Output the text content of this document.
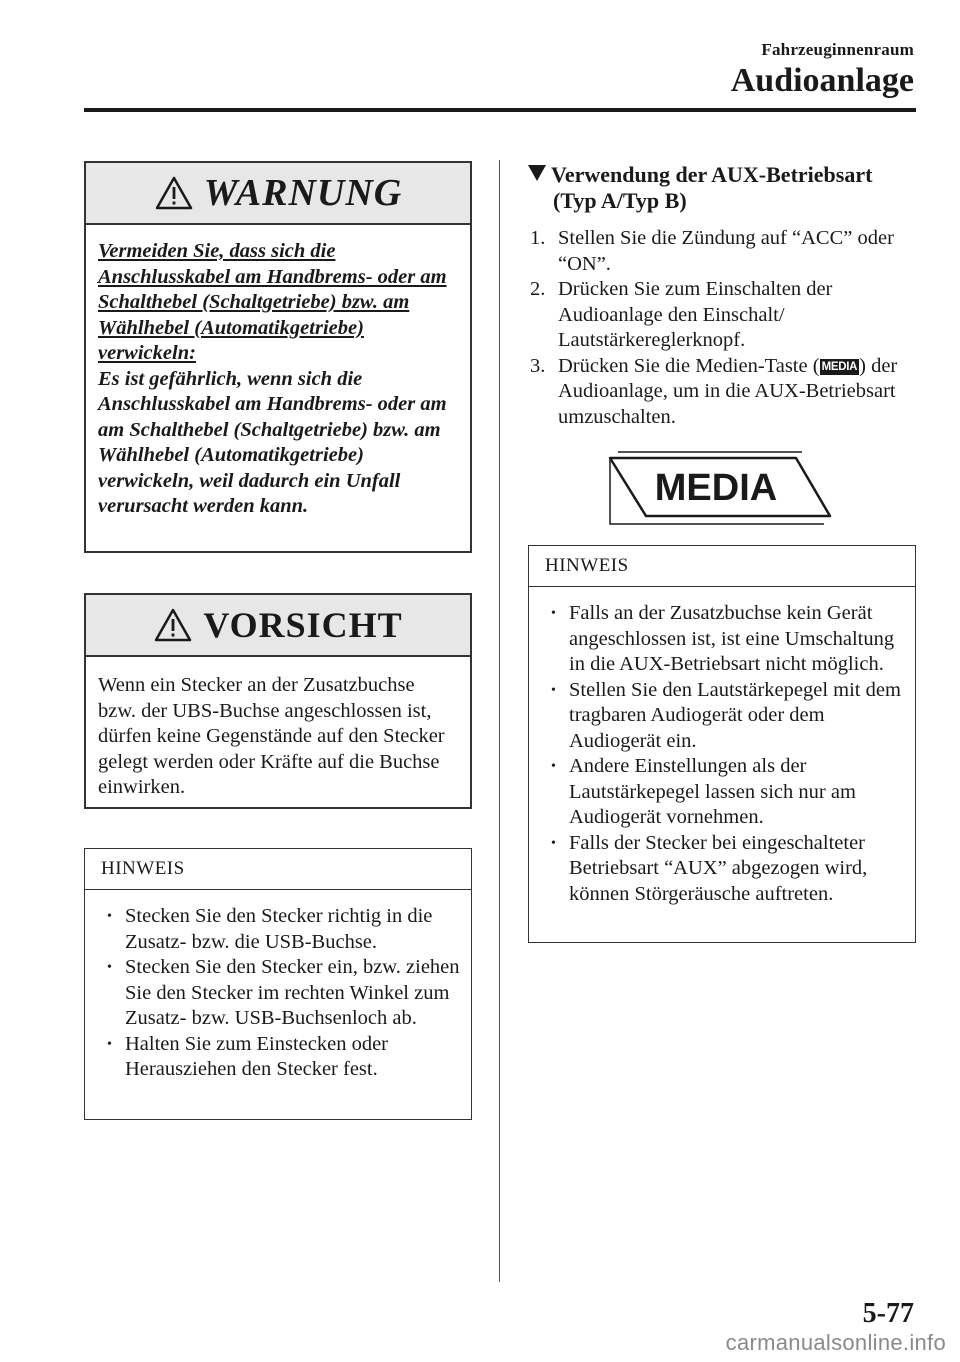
Fahrzeuginnenraum
Audioanlage
WARNUNG
Vermeiden Sie, dass sich die Anschlusskabel am Handbrems- oder am Schalthebel (Schaltgetriebe) bzw. am Wählhebel (Automatikgetriebe) verwickeln:
Es ist gefährlich, wenn sich die Anschlusskabel am Handbrems- oder am am Schalthebel (Schaltgetriebe) bzw. am Wählhebel (Automatikgetriebe) verwickeln, weil dadurch ein Unfall verursacht werden kann.
VORSICHT
Wenn ein Stecker an der Zusatzbuchse bzw. der UBS-Buchse angeschlossen ist, dürfen keine Gegenstände auf den Stecker gelegt werden oder Kräfte auf die Buchse einwirken.
HINWEIS
• Stecken Sie den Stecker richtig in die Zusatz- bzw. die USB-Buchse.
• Stecken Sie den Stecker ein, bzw. ziehen Sie den Stecker im rechten Winkel zum Zusatz- bzw. USB-Buchsenloch ab.
• Halten Sie zum Einstecken oder Herausziehen den Stecker fest.
Verwendung der AUX-Betriebsart
(Typ A/Typ B)
1. Stellen Sie die Zündung auf “ACC” oder “ON”.
2. Drücken Sie zum Einschalten der Audioanlage den Einschalt/ Lautstärkereglerknopf.
3. Drücken Sie die Medien-Taste ( MEDIA) der Audioanlage, um in die AUX-Betriebsart umzuschalten.
MEDIA
HINWEIS
• Falls an der Zusatzbuchse kein Gerät angeschlossen ist, ist eine Umschaltung in die AUX-Betriebsart nicht möglich.
• Stellen Sie den Lautstärkepegel mit dem tragbaren Audiogerät oder dem Audiogerät ein.
• Andere Einstellungen als der Lautstärkepegel lassen sich nur am Audiogerät vornehmen.
• Falls der Stecker bei eingeschalteter Betriebsart “AUX” abgezogen wird, können Störgeräusche auftreten.
5-77
carmanualsonline.info
